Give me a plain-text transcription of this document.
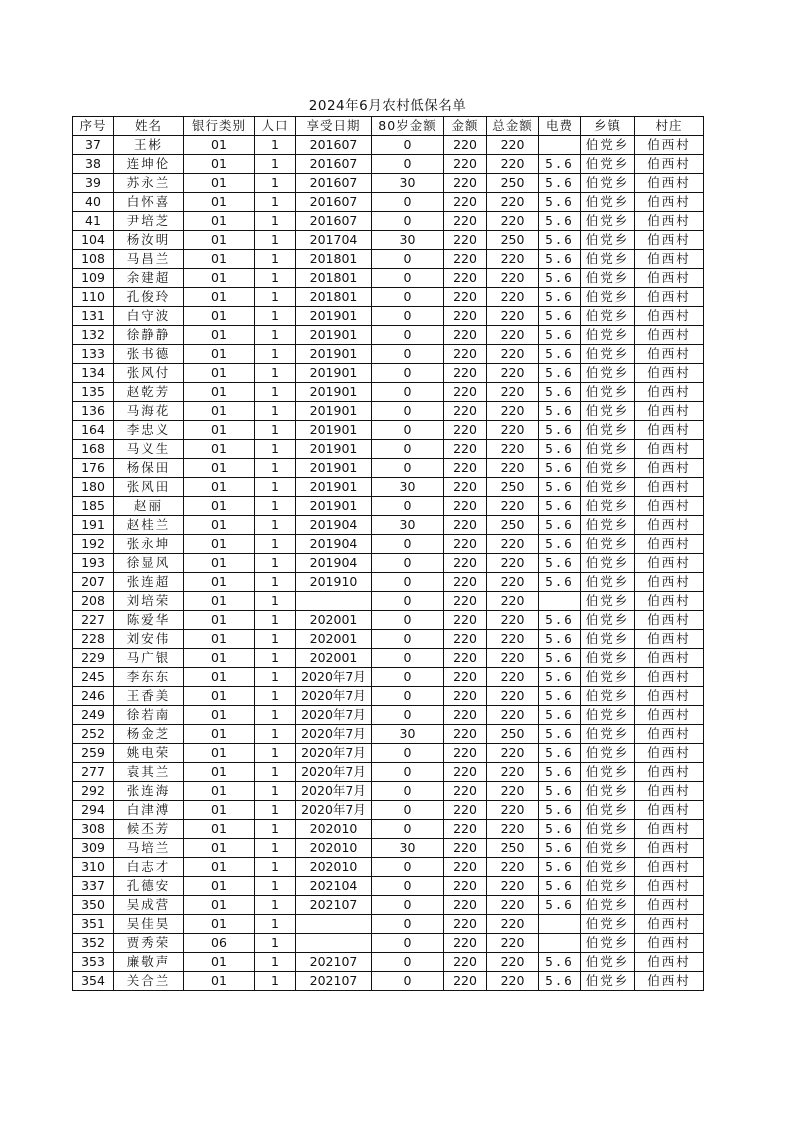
2024年6月农村低保名单
序号	姓名	银行类别	人口	享受日期	80岁金额	金额	总金额	电费	乡镇	村庄
37	王彬	01	1	201607	0	220	220		伯党乡	伯西村
38	连坤伦	01	1	201607	0	220	220	5.6	伯党乡	伯西村
39	苏永兰	01	1	201607	30	220	250	5.6	伯党乡	伯西村
40	白怀喜	01	1	201607	0	220	220	5.6	伯党乡	伯西村
41	尹培芝	01	1	201607	0	220	220	5.6	伯党乡	伯西村
104	杨汝明	01	1	201704	30	220	250	5.6	伯党乡	伯西村
108	马昌兰	01	1	201801	0	220	220	5.6	伯党乡	伯西村
109	余建超	01	1	201801	0	220	220	5.6	伯党乡	伯西村
110	孔俊玲	01	1	201801	0	220	220	5.6	伯党乡	伯西村
131	白守波	01	1	201901	0	220	220	5.6	伯党乡	伯西村
132	徐静静	01	1	201901	0	220	220	5.6	伯党乡	伯西村
133	张书德	01	1	201901	0	220	220	5.6	伯党乡	伯西村
134	张风付	01	1	201901	0	220	220	5.6	伯党乡	伯西村
135	赵乾芳	01	1	201901	0	220	220	5.6	伯党乡	伯西村
136	马海花	01	1	201901	0	220	220	5.6	伯党乡	伯西村
164	李忠义	01	1	201901	0	220	220	5.6	伯党乡	伯西村
168	马义生	01	1	201901	0	220	220	5.6	伯党乡	伯西村
176	杨保田	01	1	201901	0	220	220	5.6	伯党乡	伯西村
180	张风田	01	1	201901	30	220	250	5.6	伯党乡	伯西村
185	赵丽	01	1	201901	0	220	220	5.6	伯党乡	伯西村
191	赵桂兰	01	1	201904	30	220	250	5.6	伯党乡	伯西村
192	张永坤	01	1	201904	0	220	220	5.6	伯党乡	伯西村
193	徐显风	01	1	201904	0	220	220	5.6	伯党乡	伯西村
207	张连超	01	1	201910	0	220	220	5.6	伯党乡	伯西村
208	刘培荣	01	1		0	220	220		伯党乡	伯西村
227	陈爱华	01	1	202001	0	220	220	5.6	伯党乡	伯西村
228	刘安伟	01	1	202001	0	220	220	5.6	伯党乡	伯西村
229	马广银	01	1	202001	0	220	220	5.6	伯党乡	伯西村
245	李东东	01	1	2020年7月	0	220	220	5.6	伯党乡	伯西村
246	王香美	01	1	2020年7月	0	220	220	5.6	伯党乡	伯西村
249	徐若南	01	1	2020年7月	0	220	220	5.6	伯党乡	伯西村
252	杨金芝	01	1	2020年7月	30	220	250	5.6	伯党乡	伯西村
259	姚电荣	01	1	2020年7月	0	220	220	5.6	伯党乡	伯西村
277	袁其兰	01	1	2020年7月	0	220	220	5.6	伯党乡	伯西村
292	张连海	01	1	2020年7月	0	220	220	5.6	伯党乡	伯西村
294	白津溥	01	1	2020年7月	0	220	220	5.6	伯党乡	伯西村
308	候丕芳	01	1	202010	0	220	220	5.6	伯党乡	伯西村
309	马培兰	01	1	202010	30	220	250	5.6	伯党乡	伯西村
310	白志才	01	1	202010	0	220	220	5.6	伯党乡	伯西村
337	孔德安	01	1	202104	0	220	220	5.6	伯党乡	伯西村
350	吴成营	01	1	202107	0	220	220	5.6	伯党乡	伯西村
351	吴佳昊	01	1		0	220	220		伯党乡	伯西村
352	贾秀荣	06	1		0	220	220		伯党乡	伯西村
353	廉敬声	01	1	202107	0	220	220	5.6	伯党乡	伯西村
354	关合兰	01	1	202107	0	220	220	5.6	伯党乡	伯西村
